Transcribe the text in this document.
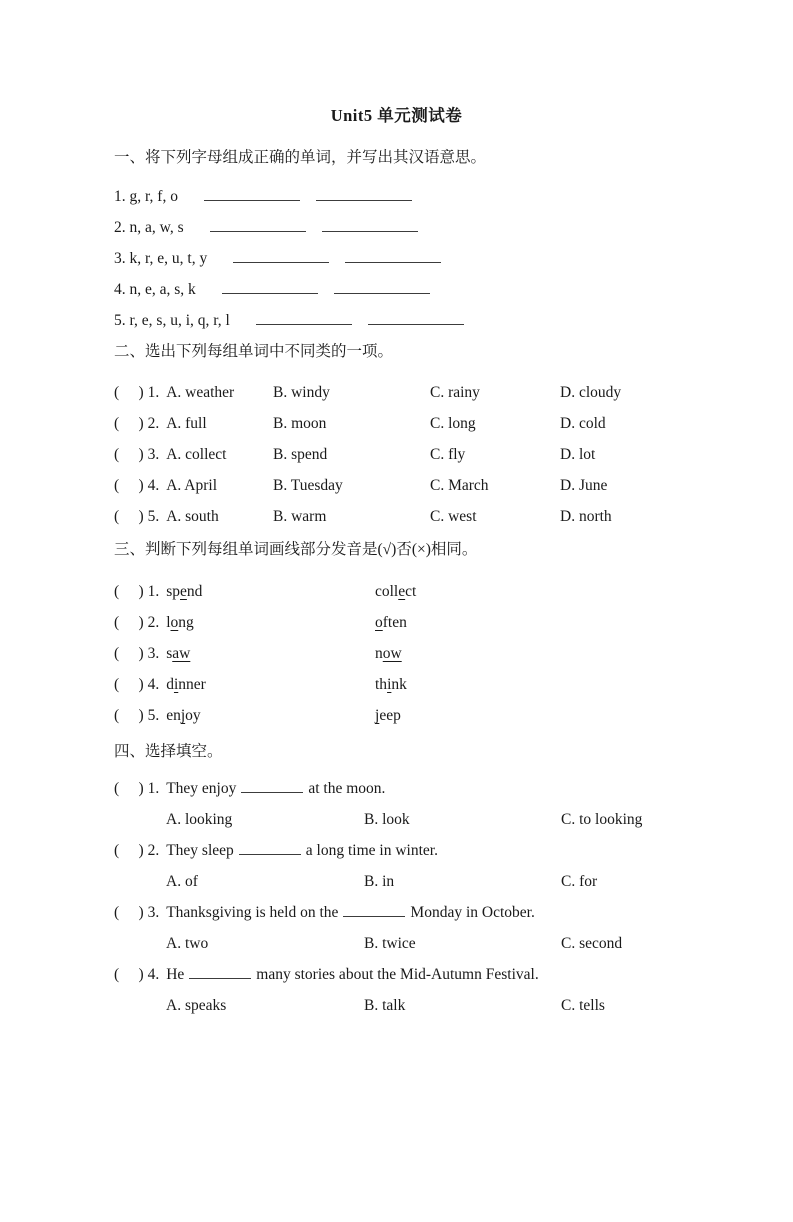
Unit5 单元测试卷
一、将下列字母组成正确的单词，并写出其汉语意思。
1. g, r, f, o
2. n, a, w, s
3. k, r, e, u, t, y
4. n, e, a, s, k
5. r, e, s, u, i, q, r, l
二、选出下列每组单词中不同类的一项。
(     ) 1. A. weather	B. windy	C. rainy	D. cloudy
(     ) 2. A. full	B. moon	C. long	D. cold
(     ) 3. A. collect	B. spend	C. fly	D. lot
(     ) 4. A. April	B. Tuesday	C. March	D. June
(     ) 5. A. south	B. warm	C. west	D. north
三、判断下列每组单词画线部分发音是(√)否(×)相同。
(     ) 1. spend	collect
(     ) 2. long	often
(     ) 3. saw	now
(     ) 4. dinner	think
(     ) 5. enjoy	jeep
四、选择填空。
(     ) 1. They enjoy	at the moon.
A. looking	B. look	C. to looking
(     ) 2. They sleep	a long time in winter.
A. of	B. in	C. for
(     ) 3. Thanksgiving is held on the	Monday in October.
A. two	B. twice	C. second
(     ) 4. He	many stories about the Mid-Autumn Festival.
A. speaks	B. talk	C. tells
